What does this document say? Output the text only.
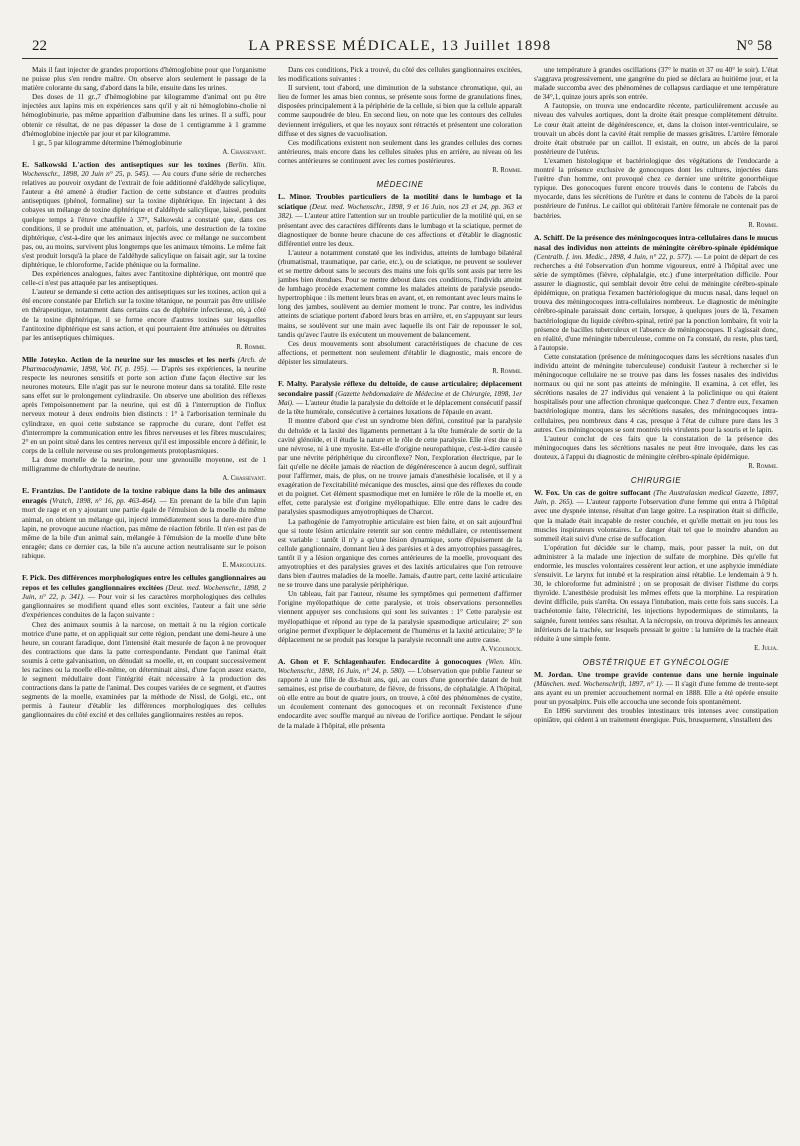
22	LA PRESSE MÉDICALE, 13 Juillet 1898	N° 58

Mais il faut injecter de grandes proportions d'hémoglobine pour que l'organisme ne puisse plus s'en rendre maître. On observe alors seulement le passage de la matière colorante du sang, d'abord dans la bile, ensuite dans les urines.

Des doses de 11 gr.,7 d'hémoglobine par kilogramme d'animal ont pu être injectées aux lapins mis en expériences sans qu'il y ait ni hémoglobino-cholie ni hémoglobinurie, pas même apparition d'albumine dans les urines. Il a suffi, pour obtenir ce résultat, de ne pas dépasser la dose de 1 centigramme à 1 gramme d'hémoglobine injectée par jour et par kilogramme.

1 gr., 5 par kilogramme détermine l'hémoglobinurie

A. Chassevant.

E. Salkowski L'action des antiseptiques sur les toxines (Berlin. klin. Wochenschr., 1898, 20 Juin n° 25, p. 545). — Au cours d'une série de recherches relatives au pouvoir oxydant de l'extrait de foie additionné d'aldéhyde salicylique, l'auteur a été amené à étudier l'action de cette substance et d'autres produits antiseptiques (phénol, formaline) sur la toxine diphtérique. En injectant à des cobayes un mélange de toxine diphtérique et d'aldéhyde salicylique, laissé, pendant quelque temps à l'étuve chauffée à 37°, Salkowski a constaté que, dans ces conditions, il se produit une atténuation, et, parfois, une destruction de la toxine diphtérique, c'est-à-dire que les animaux injectés avec ce mélange ne succombent pas, ou, au moins, survivent plus longtemps que les animaux témoins. Le même fait s'est produit lorsqu'à la place de l'aldéhyde salicylique on faisait agir, sur la toxine diphtérique, le chloroforme, l'acide phénique ou la formaline.

Des expériences analogues, faites avec l'antitoxine diphtérique, ont montré que celle-ci n'est pas attaquée par les antiseptiques.

L'auteur se demande si cette action des antiseptiques sur les toxines, action qui a été encore constatée par Ehrlich sur la toxine tétanique, ne pourrait pas être utilisée en thérapeutique, notamment dans certains cas de diphtérie infectieuse, où, à côté de la toxine diphtérique, il se forme encore d'autres toxines sur lesquelles l'antitoxine diphtérique est sans action, et qui pourraient être atténuées ou détruites par les antiseptiques chimiques.

R. Romme.

Mlle Joteyko. Action de la neurine sur les muscles et les nerfs (Arch. de Pharmacodynamie, 1898, Vol. IV, p. 195). — D'après ses expériences, la neurine respecte les neurones sensitifs et porte son action d'une façon élective sur les neurones moteurs. Elle n'agit pas sur le neurone moteur dans sa totalité. Elle reste sans effet sur le prolongement cylindraxile. On observe une abolition des réflexes après l'empoisonnement par la neurine, qui est dû à l'interruption de l'influx nerveux moteur à deux endroits bien distincts : 1° à l'arborisation terminale du cylindraxe, en quoi cette substance se rapproche du curare, dont l'effet est d'interrompre la communication entre les fibres nerveuses et les fibres musculaires; 2° en un point situé dans les centres nerveux qu'il est impossible encore à définir, le corps de la cellule nerveuse ou ses prolongements protoplasmiques.

La dose mortelle de la neurine, pour une grenouille moyenne, est de 1 milligramme de chlorhydrate de neurine.

A. Chassevant.

E. Frantzius. De l'antidote de la toxine rabique dans la bile des animaux enragés (Vratch, 1898, n° 16, pp. 463-464). — En prenant de la bile d'un lapin mort de rage et en y ajoutant une partie égale de l'émulsion de la moelle du même animal, on obtient un mélange qui, injecté immédiatement sous la dure-mère d'un lapin, ne provoque aucune réaction, pas même de réaction fébrile. Il n'en est pas de même de la bile d'un animal sain, mélangée à l'émulsion de la moelle d'une bête enragée; dans ce dernier cas, la bile n'a aucune action neutralisante sur le poison rabique.

E. Margoulies.

F. Pick. Des différences morphologiques entre les cellules ganglionnaires au repos et les cellules ganglionnaires excitées (Deut. med. Wochenschr., 1898, 2 Juin, n° 22, p. 341). — Pour voir si les caractères morphologiques des cellules ganglionnaires se modifient quand elles sont excitées, l'auteur a fait une série d'expériences conduites de la façon suivante :

Chez des animaux soumis à la narcose, on mettait à nu la région corticale motrice d'une patte, et on appliquait sur cette région, pendant une demi-heure à une heure, un courant faradique, dont l'intensité était mesurée de façon à ne provoquer des contractions que dans la patte correspondante. Pendant que l'animal était soumis à cette galvanisation, on dénudait sa moelle, et, en coupant successivement les racines ou la moelle elle-même, on déterminait ainsi, d'une façon assez exacte, le segment médullaire dont l'intégrité était nécessaire à la production des contractions dans la patte de l'animal. Des coupes variées de ce segment, et d'autres segments de la moelle, examinées par la méthode de Nissl, de Golgi, etc., ont permis à l'auteur d'établir les différences morphologiques des cellules ganglionnaires du côté excité et des cellules ganglionnaires restées au repos.

Dans ces conditions, Pick a trouvé, du côté des cellules ganglionnaires excitées, les modifications suivantes :

Il survient, tout d'abord, une diminution de la substance chromatique, qui, au lieu de former les amas bien connus, se présente sous forme de granulations fines, disposées principalement à la périphérie de la cellule, si bien que la cellule apparaît comme saupoudrée de bleu. En second lieu, on note que les contours des cellules deviennent irréguliers, et que les noyaux sont rétractés et présentent une coloration diffuse et des signes de vacuolisation.

Ces modifications existent non seulement dans les grandes cellules des cornes antérieures, mais encore dans les cellules situées plus en arrière, au niveau où les cornes antérieures se continuent avec les cornes postérieures.

R. Romme.

MÉDECINE

L. Minor. Troubles particuliers de la motilité dans le lumbago et la sciatique (Deut. med. Wochenschr., 1898, 9 et 16 Juin, nos 23 et 24, pp. 363 et 382). — L'auteur attire l'attention sur un trouble particulier de la motilité qui, en se présentant avec des caractères différents dans le lumbago et la sciatique, permet de diagnostiquer de bonne heure chacune de ces affections et d'établir le diagnostic différentiel entre les deux.

L'auteur a notamment constaté que les individus, atteints de lumbago bilatéral (rhumatismal, traumatique, par carie, etc.), ou de sciatique, ne peuvent se soulever et se mettre debout sans le secours des mains une fois qu'ils sont assis par terre les jambes bien étendues. Pour se mettre debout dans ces conditions, l'individu atteint de lumbago procède exactement comme les malades atteints de paralysie pseudo-hypertrophique : ils mettent leurs bras en avant, et, en remontant avec leurs mains le long des jambes, soulèvent au dernier moment le tronc. Par contre, les individus atteints de sciatique portent d'abord leurs bras en arrière, et, en s'appuyant sur leurs mains, se soulèvent sur une main avec laquelle ils ont l'air de repousser le sol, tandis qu'avec l'autre ils exécutent un mouvement de balancement.

Ces deux mouvements sont absolument caractéristiques de chacune de ces affections, et permettent non seulement d'établir le diagnostic, mais encore de dépister les simulateurs.

R. Romme.

F. Malty. Paralysie réflexe du deltoïde, de cause articulaire; déplacement secondaire passif (Gazette hebdomadaire de Médecine et de Chirurgie, 1898, 1er Mai). — L'auteur étudie la paralysie du deltoïde et le déplacement consécutif passif de la tête humérale, consécutive à certaines luxations de l'épaule en avant.

Il montre d'abord que c'est un syndrome bien défini, constitué par la paralysie du deltoïde et la laxité des ligaments permettant à la tête humérale de sortir de la cavité glénoïde, et il étudie la nature et le rôle de cette paralysie. Elle n'est due ni à une névrose, ni à une myosite. Est-elle d'origine neuropathique, c'est-à-dire causée par une névrite périphérique du circonflexe? Non, l'exploration électrique, par le fait qu'elle ne décèle jamais de réaction de dégénérescence à aucun degré, suffirait pour l'affirmer, mais, de plus, on ne trouve jamais d'anesthésie localisée, et il y a exagération de l'excitabilité mécanique des muscles, ainsi que des réflexes du coude et du poignet. Cet élément spasmodique met en lumière le rôle de la moelle et, en effet, cette paralysie est d'origine myélopathique. Elle entre dans le cadre des paralysies spasmodiques amyotrophiques de Charcot.

La pathogénie de l'amyotrophie articulaire est bien faite, et on sait aujourd'hui que si toute lésion articulaire retentit sur son centre médullaire, ce retentissement est variable : tantôt il n'y a qu'une lésion dynamique, sorte d'épuisement de la cellule ganglionnaire, donnant lieu à des parésies et à des amyotrophies passagères, tantôt il y a lésion organique des cornes antérieures de la moelle, provoquant des amyotrophies et des paralysies graves et des laxités articulaires que l'on retrouve dans bien d'autres maladies de la moelle. Jamais, d'autre part, cette laxité articulaire ne se trouve dans une paralysie périphérique.

Un tableau, fait par l'auteur, résume les symptômes qui permettent d'affirmer l'origine myélopathique de cette paralysie, et trois observations personnelles viennent appuyer ses conclusions qui sont les suivantes : 1° Cette paralysie est myélopathique et répond au type de la paralysie spasmodique articulaire; 2° son origine permet d'expliquer le déplacement de l'humérus et la laxité articulaire; 3° le déplacement ne se produit pas lorsque la paralysie reconnaît une autre cause.

A. Vigouroux.

A. Ghon et F. Schlagenhaufer. Endocardite à gonocoques (Wien. klin. Wochenschr., 1898, 16 Juin, n° 24, p. 580). — L'observation que publie l'auteur se rapporte à une fille de dix-huit ans, qui, au cours d'une gonorrhée datant de huit semaines, est prise de courbature, de fièvre, de frissons, de céphalalgie. A l'hôpital, où elle entre au bout de quatre jours, on trouve, à côté des phénomènes de cystite, un écoulement contenant des gonocoques et on reconnaît l'existence d'une endocardite avec souffle marqué au niveau de l'orifice aortique. Pendant le séjour de la malade à l'hôpital, elle présenta

une température à grandes oscillations (37° le matin et 37 ou 40° le soir). L'état s'aggrava progressivement, une gangrène du pied se déclara au huitième jour, et la malade succomba avec des phénomènes de collapsus cardiaque et une température de 34°,1, quinze jours après son entrée.

A l'autopsie, on trouva une endocardite récente, particulièrement accusée au niveau des valvules aortiques, dont la droite était presque complètement détruite. Le cœur était atteint de dégénérescence, et, dans la cloison inter-ventriculaire, se trouvait un abcès dont la cavité était remplie de masses grisâtres. L'artère fémorale droite était obstruée par un caillot. Il existait, en outre, un abcès de la paroi postérieure de l'utérus.

L'examen histologique et bactériologique des végétations de l'endocarde a montré la présence exclusive de gonocoques dont les cultures, injectées dans l'urètre d'un homme, ont provoqué chez ce dernier une urétrite gonorrhéique typique. Des gonocoques furent encore trouvés dans le contenu de l'abcès du myocarde, dans les sécrétions de l'urètre et dans le contenu de l'abcès de la paroi postérieure de l'utérus. Le caillot qui oblitérait l'artère fémorale ne contenait pas de bactéries.

R. Romme.

A. Schiff. De la présence des méningocoques intra-cellulaires dans le mucus nasal des individus non atteints de méningite cérébro-spinale épidémique (Centralb. f. inn. Medic., 1898, 4 Juin, n° 22, p. 577). — Le point de départ de ces recherches a été l'observation d'un homme vigoureux, entré à l'hôpital avec une série de symptômes (fièvre, céphalalgie, etc.) d'une interprétation difficile. Pour assurer le diagnostic, qui semblait devoir être celui de méningite cérébro-spinale épidémique, on pratiqua l'examen bactériologique du mucus nasal, dans lequel on trouva des méningocoques intra-cellulaires nombreux. Le diagnostic de méningite cérébro-spinale paraissait donc certain, lorsque, à quelques jours de là, l'examen bactériologique du liquide cérébro-spinal, retiré par la ponction lombaire, fit voir la présence de bacilles tuberculeux et l'absence de méningocoques. Il s'agissait donc, en réalité, d'une méningite tuberculeuse, comme on l'a constaté, du reste, plus tard, à l'autopsie.

Cette constatation (présence de méningocoques dans les sécrétions nasales d'un individu atteint de méningite tuberculeuse) conduisit l'auteur à rechercher si le méningocoque cellulaire ne se trouve pas dans les fosses nasales des individus normaux ou qui ne sont pas atteints de méningite. Il examina, à cet effet, les sécrétions nasales de 27 individus qui venaient à la policlinique ou qui étaient hospitalisés pour une affection chronique quelconque. Chez 7 d'entre eux, l'examen bactériologique montra, dans les sécrétions nasales, des méningocoques intra-cellulaires, peu nombreux dans 4 cas, presque à l'état de culture pure dans les 3 autres. Ces méningocoques se sont montrés très virulents pour la souris et le lapin.

L'auteur conclut de ces faits que la constatation de la présence des méningocoques dans les sécrétions nasales ne peut être invoquée, dans les cas douteux, à l'appui du diagnostic de méningite cérébro-spinale épidémique.

R. Romme.

CHIRURGIE

W. Fox. Un cas de goitre suffocant (The Australasian medical Gazette, 1897, Juin, p. 265). — L'auteur rapporte l'observation d'une femme qui entra à l'hôpital avec une dyspnée intense, résultat d'un large goitre. La respiration était si difficile, que la malade était incapable de rester couchée, et qu'elle mettait en jeu tous les muscles inspirateurs volontaires. Le danger était tel que le moindre abandon au sommeil était suivi d'une crise de suffocation.

L'opération fut décidée sur le champ, mais, pour passer la nuit, on dut administrer à la malade une injection de sulfate de morphine. Dès qu'elle fut endormie, les muscles volontaires cessèrent leur action, et une asphyxie immédiate s'ensuivit. Le larynx fut intubé et la respiration ainsi rétablie. Le lendemain à 9 h. 30, le chloroforme fut administré ; on se proposait de diviser l'isthme du corps thyroïde. L'anesthésie produisit les mêmes effets que la morphine. La respiration devint difficile, puis s'arrêta. On essaya l'intubation, mais cette fois sans succès. La trachéotomie faite, l'électricité, les injections hypodermiques de stimulants, la saignée, furent tentées sans résultat. A la nécropsie, on trouva déprimés les anneaux inférieurs de la trachée, sur lesquels pressait le goitre : la lumière de la trachée était réduite à une simple fente.

E. Julia.

OBSTÉTRIQUE ET GYNÉCOLOGIE

M. Jordan. Une trompe gravide contenue dans une hernie inguinale (München. med. Wochenschrift, 1897, n° 1). — Il s'agit d'une femme de trente-sept ans ayant eu un premier accouchement normal en 1888. Elle a été opérée ensuite pour un pyosalpinx. Puis elle accoucha une seconde fois spontanément.

En 1896 survinrent des troubles intestinaux très intenses avec constipation opiniâtre, qui cédent à un traitement énergique. Puis, brusquement, s'installent des
